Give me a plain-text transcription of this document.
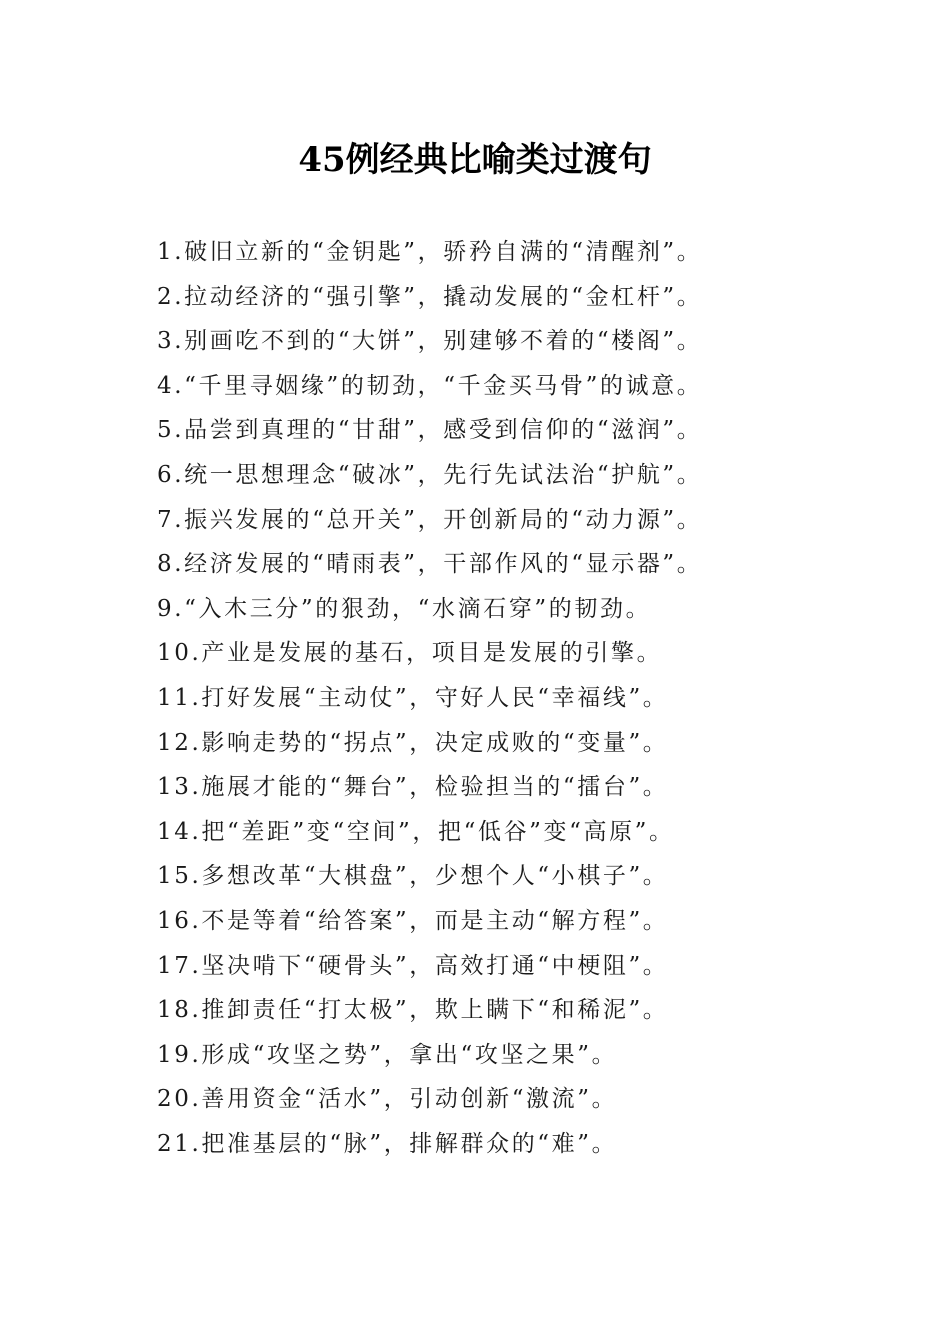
45例经典比喻类过渡句
1.破旧立新的“金钥匙”，骄矜自满的“清醒剂”。
2.拉动经济的“强引擎”，撬动发展的“金杠杆”。
3.别画吃不到的“大饼”，别建够不着的“楼阁”。
4.“千里寻姻缘”的韧劲，“千金买马骨”的诚意。
5.品尝到真理的“甘甜”，感受到信仰的“滋润”。
6.统一思想理念“破冰”，先行先试法治“护航”。
7.振兴发展的“总开关”，开创新局的“动力源”。
8.经济发展的“晴雨表”，干部作风的“显示器”。
9.“入木三分”的狠劲，“水滴石穿”的韧劲。
10.产业是发展的基石，项目是发展的引擎。
11.打好发展“主动仗”，守好人民“幸福线”。
12.影响走势的“拐点”，决定成败的“变量”。
13.施展才能的“舞台”，检验担当的“擂台”。
14.把“差距”变“空间”，把“低谷”变“高原”。
15.多想改革“大棋盘”，少想个人“小棋子”。
16.不是等着“给答案”，而是主动“解方程”。
17.坚决啃下“硬骨头”，高效打通“中梗阻”。
18.推卸责任“打太极”，欺上瞒下“和稀泥”。
19.形成“攻坚之势”，拿出“攻坚之果”。
20.善用资金“活水”，引动创新“激流”。
21.把准基层的“脉”，排解群众的“难”。
